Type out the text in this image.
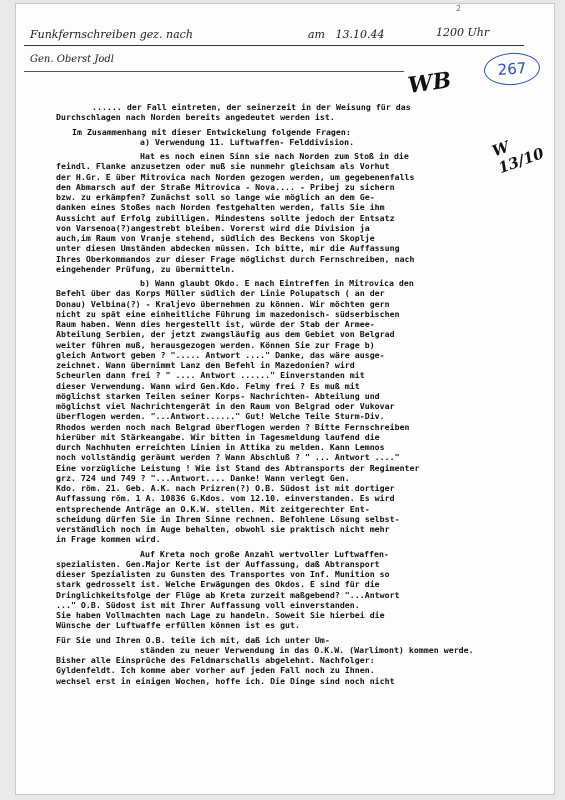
2
Funkfernschreiben gez. nach	am 13.10.44	1200 Uhr
Gen. Oberst Jodl
WB	267
W 13/10
...... der Fall eintreten, der seinerzeit in der Weisung für das
Durchschlagen nach Norden bereits angedeutet werden ist.
Im Zusammenhang mit dieser Entwickelung folgende Fragen:
a) Verwendung 11. Luftwaffen- Felddivision.
Hat es noch einen Sinn sie nach Norden zum Stoß in die
feindl. Flanke anzusetzen oder muß sie nunmehr gleichsam als Vorhut
der H.Gr. E über Mitrovica nach Norden gezogen werden, um gegebenenfalls
den Abmarsch auf der Straße Mitrovica - Nova.... - Pribej zu sichern
bzw. zu erkämpfen? Zunächst soll so lange wie möglich an dem Ge-
danken eines Stoßes nach Norden festgehalten werden, falls Sie ihm
Aussicht auf Erfolg zubilligen. Mindestens sollte jedoch der Entsatz
von Varsenoa(?)angestrebt bleiben. Vorerst wird die Division ja
auch,im Raum von Vranje stehend, südlich des Beckens von Skoplje
unter diesen Umständen abdecken müssen. Ich bitte, mir die Auffassung
Ihres Oberkommandos zur dieser Frage möglichst durch Fernschreiben, nach
eingehender Prüfung, zu übermitteln.
b) Wann glaubt Okdo. E nach Eintreffen in Mitrovica den
Befehl über das Korps Müller südlich der Linie Polupatsch ( an der
Donau) Velbina(?) - Kraljevo übernehmen zu können. Wir möchten gern
nicht zu spät eine einheitliche Führung im mazedonisch- südserbischen
Raum haben. Wenn dies hergestellt ist, würde der Stab der Armee-
Abteilung Serbien, der jetzt zwangsläufig aus dem Gebiet von Belgrad
weiter führen muß, herausgezogen werden. Können Sie zur Frage b)
gleich Antwort geben ? "..... Antwort ...." Danke, das wäre ausge-
zeichnet. Wann übernimmt Lanz den Befehl in Mazedonien? wird
Scheurlen dann frei ? " .... Antwort ......" Einverstanden mit
dieser Verwendung. Wann wird Gen.Kdo. Felmy frei ? Es muß mit
möglichst starken Teilen seiner Korps- Nachrichten- Abteilung und
möglichst viel Nachrichtengerät in den Raum von Belgrad oder Vukovar
überflogen werden. "...Antwort......" Gut! Welche Teile Sturm-Div.
Rhodos werden noch nach Belgrad überflogen werden ? Bitte Fernschreiben
hierüber mit Stärkeangabe. Wir bitten in Tagesmeldung laufend die
durch Nachhuten erreichten Linien in Attika zu melden. Kann Lemnos
noch vollständig geräumt werden ? Wann Abschluß ? " ... Antwort ...."
Eine vorzügliche Leistung ! Wie ist Stand des Abtransports der Regimenter
grz. 724 und 749 ? "...Antwort.... Danke! Wann verlegt Gen.
Kdo. röm. 21. Geb. A.K. nach Prizren(?) O.B. Südost ist mit dortiger
Auffassung röm. 1 A. 10836 G.Kdos. vom 12.10. einverstanden. Es wird
entsprechende Anträge an O.K.W. stellen. Mit zeitgerechter Ent-
scheidung dürfen Sie in Ihrem Sinne rechnen. Befohlene Lösung selbst-
verständlich noch im Auge behalten, obwohl sie praktisch nicht mehr
in Frage kommen wird.
Auf Kreta noch große Anzahl wertvoller Luftwaffen-
spezialisten. Gen.Major Kerte ist der Auffassung, daß Abtransport
dieser Spezialisten zu Gunsten des Transportes von Inf. Munition so
stark gedrosselt ist. Welche Erwägungen des Okdos. E sind für die
Dringlichkeitsfolge der Flüge ab Kreta zurzeit maßgebend? "...Antwort
..." O.B. Südost ist mit Ihrer Auffassung voll einverstanden.
Sie haben Vollmachten nach Lage zu handeln. Soweit Sie hierbei die
Wünsche der Luftwaffe erfüllen können ist es gut.
Für Sie und Ihren O.B. teile ich mit, daß ich unter Um-
ständen zu neuer Verwendung in das O.K.W. (Warlimont) kommen werde.
Bisher alle Einsprüche des Feldmarschalls abgelehnt. Nachfolger:
Gyldenfeldt. Ich komme aber vorher auf jeden Fall noch zu Ihnen.
wechsel erst in einigen Wochen, hoffe ich. Die Dinge sind noch nicht
